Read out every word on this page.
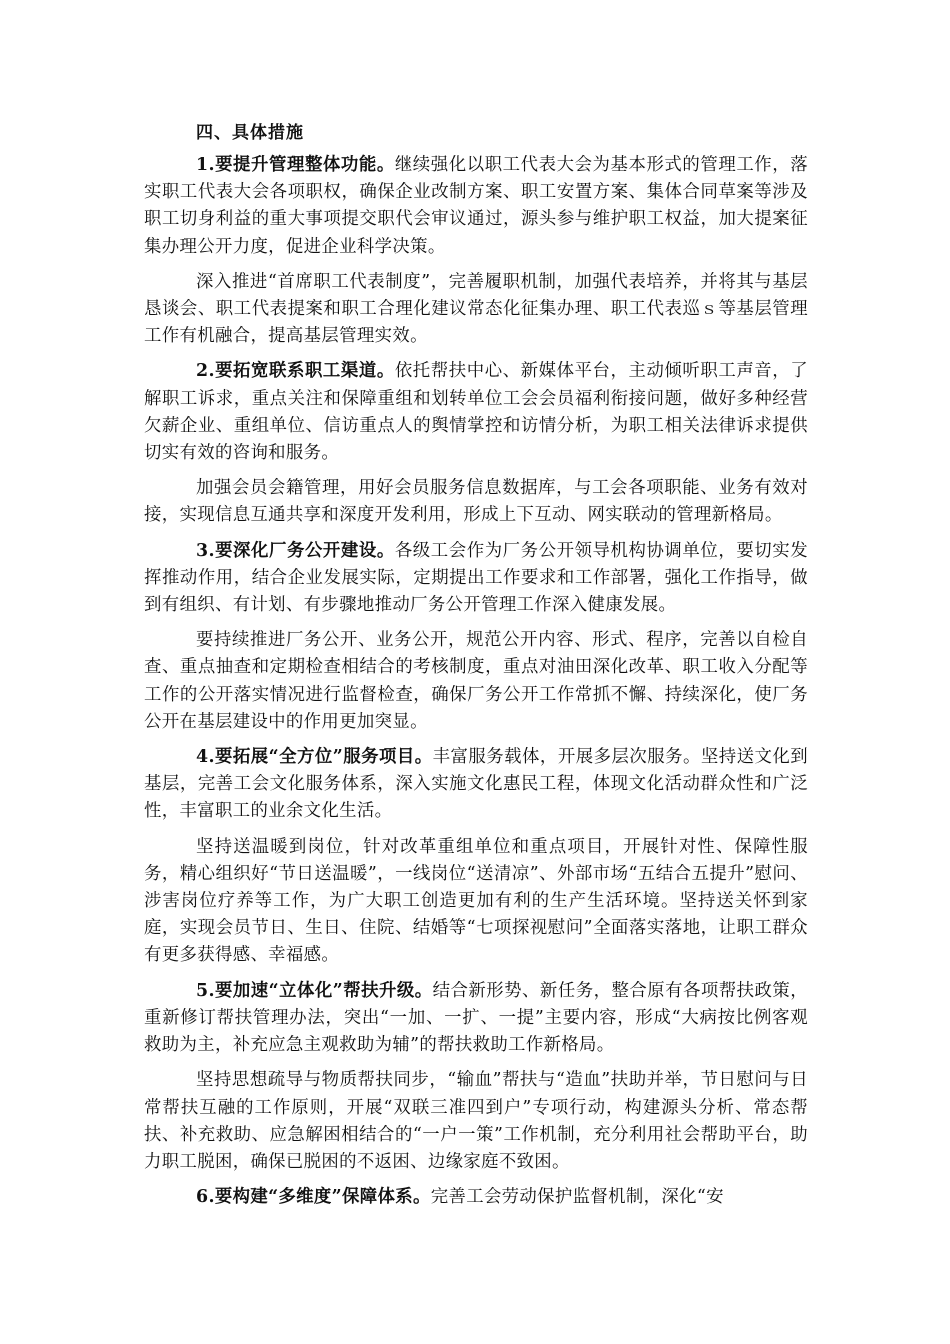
四、具体措施

1.要提升管理整体功能。继续强化以职工代表大会为基本形式的管理工作，落实职工代表大会各项职权，确保企业改制方案、职工安置方案、集体合同草案等涉及职工切身利益的重大事项提交职代会审议通过，源头参与维护职工权益，加大提案征集办理公开力度，促进企业科学决策。

深入推进“首席职工代表制度”，完善履职机制，加强代表培养，并将其与基层恳谈会、职工代表提案和职工合理化建议常态化征集办理、职工代表巡ｓ等基层管理工作有机融合，提高基层管理实效。

2.要拓宽联系职工渠道。依托帮扶中心、新媒体平台，主动倾听职工声音，了解职工诉求，重点关注和保障重组和划转单位工会会员福利衔接问题，做好多种经营欠薪企业、重组单位、信访重点人的舆情掌控和访情分析，为职工相关法律诉求提供切实有效的咨询和服务。

加强会员会籍管理，用好会员服务信息数据库，与工会各项职能、业务有效对接，实现信息互通共享和深度开发利用，形成上下互动、网实联动的管理新格局。

3.要深化厂务公开建设。各级工会作为厂务公开领导机构协调单位，要切实发挥推动作用，结合企业发展实际，定期提出工作要求和工作部署，强化工作指导，做到有组织、有计划、有步骤地推动厂务公开管理工作深入健康发展。

要持续推进厂务公开、业务公开，规范公开内容、形式、程序，完善以自检自查、重点抽查和定期检查相结合的考核制度，重点对油田深化改革、职工收入分配等工作的公开落实情况进行监督检查，确保厂务公开工作常抓不懈、持续深化，使厂务公开在基层建设中的作用更加突显。

4.要拓展“全方位”服务项目。丰富服务载体，开展多层次服务。坚持送文化到基层，完善工会文化服务体系，深入实施文化惠民工程，体现文化活动群众性和广泛性，丰富职工的业余文化生活。

坚持送温暖到岗位，针对改革重组单位和重点项目，开展针对性、保障性服务，精心组织好“节日送温暖”，一线岗位“送清凉”、外部市场“五结合五提升”慰问、涉害岗位疗养等工作，为广大职工创造更加有利的生产生活环境。坚持送关怀到家庭，实现会员节日、生日、住院、结婚等“七项探视慰问”全面落实落地，让职工群众有更多获得感、幸福感。

5.要加速“立体化”帮扶升级。结合新形势、新任务，整合原有各项帮扶政策，重新修订帮扶管理办法，突出“一加、一扩、一提”主要内容，形成“大病按比例客观救助为主，补充应急主观救助为辅”的帮扶救助工作新格局。

坚持思想疏导与物质帮扶同步，“输血”帮扶与“造血”扶助并举，节日慰问与日常帮扶互融的工作原则，开展“双联三准四到户”专项行动，构建源头分析、常态帮扶、补充救助、应急解困相结合的“一户一策”工作机制，充分利用社会帮助平台，助力职工脱困，确保已脱困的不返困、边缘家庭不致困。

6.要构建“多维度”保障体系。完善工会劳动保护监督机制，深化“安
